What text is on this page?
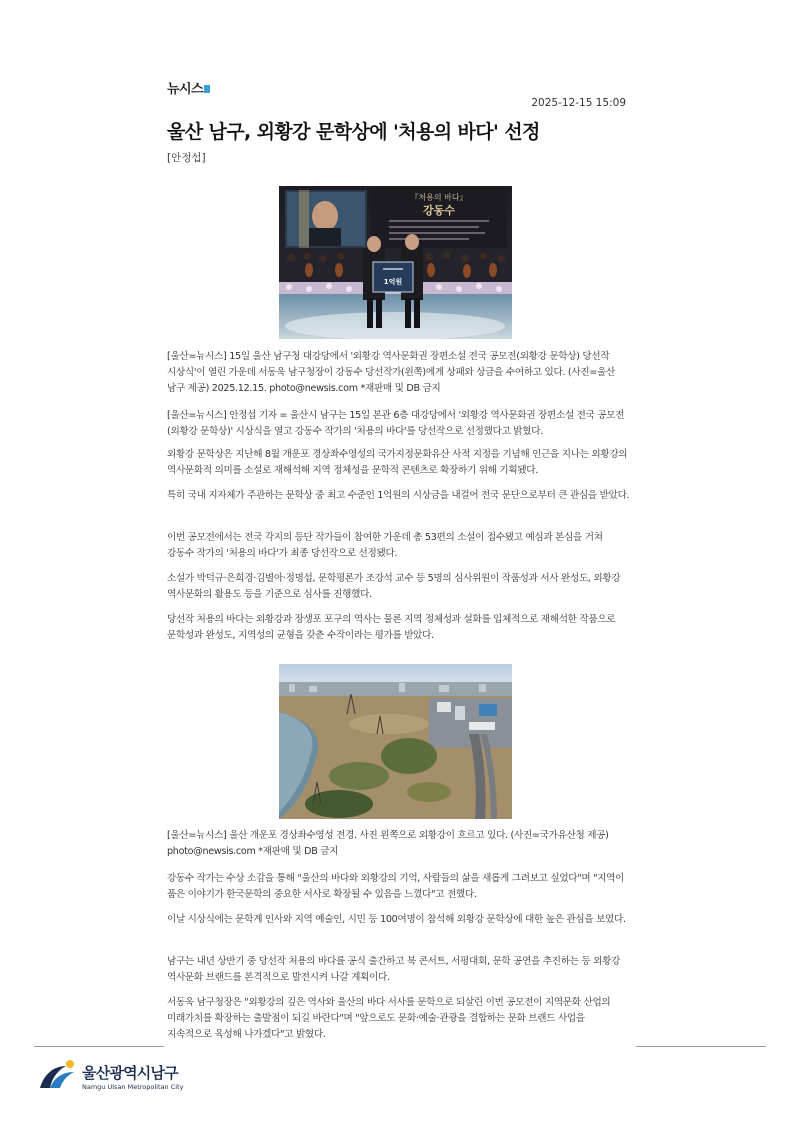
뉴시스
2025-12-15 15:09
울산 남구, 외황강 문학상에 '처용의 바다' 선정
[안정섭]
『처용의 바다』
강동수
1억원

[울산=뉴시스] 15일 울산 남구청 대강당에서 '외황강 역사문화권 장편소설 전국 공모전(외황강 문학상) 당선작 시상식'이 열린 가운데 서동욱 남구청장이 강동수 당선작가(왼쪽)에게 상패와 상금을 수여하고 있다. (사진=울산 남구 제공) 2025.12.15. photo@newsis.com *재판매 및 DB 금지

[울산=뉴시스] 안정섭 기자 = 울산시 남구는 15일 본관 6층 대강당에서 '외황강 역사문화권 장편소설 전국 공모전(외황강 문학상)' 시상식을 열고 강동수 작가의 '처용의 바다'를 당선작으로 선정했다고 밝혔다.

외황강 문학상은 지난해 8월 개운포 경상좌수영성의 국가지정문화유산 사적 지정을 기념해 인근을 지나는 외황강의 역사문화적 의미를 소설로 재해석해 지역 정체성을 문학적 콘텐츠로 확장하기 위해 기획됐다.

특히 국내 지자체가 주관하는 문학상 중 최고 수준인 1억원의 시상금을 내걸어 전국 문단으로부터 큰 관심을 받았다.

이번 공모전에서는 전국 각지의 등단 작가들이 참여한 가운데 총 53편의 소설이 접수됐고 예심과 본심을 거쳐 강동수 작가의 '처용의 바다'가 최종 당선작으로 선정됐다.

소설가 박덕규·은희경·김별아·정명섭, 문학평론가 조강석 교수 등 5명의 심사위원이 작품성과 서사 완성도, 외황강 역사문화의 활용도 등을 기준으로 심사를 진행했다.

당선작 처용의 바다는 외황강과 장생포 포구의 역사는 물론 지역 정체성과 설화를 입체적으로 재해석한 작품으로 문학성과 완성도, 지역성의 균형을 갖춘 수작이라는 평가를 받았다.

[울산=뉴시스] 울산 개운포 경상좌수영성 전경. 사진 왼쪽으로 외황강이 흐르고 있다. (사진=국가유산청 제공) photo@newsis.com *재판매 및 DB 금지

강동수 작가는 수상 소감을 통해 "울산의 바다와 외황강의 기억, 사람들의 삶을 새롭게 그려보고 싶었다"며 "지역이 품은 이야기가 한국문학의 중요한 서사로 확장될 수 있음을 느꼈다"고 전했다.

이날 시상식에는 문학계 인사와 지역 예술인, 시민 등 100여명이 참석해 외황강 문학상에 대한 높은 관심을 보였다.

남구는 내년 상반기 중 당선작 처용의 바다를 공식 출간하고 북 콘서트, 서평대회, 문학 공연을 추진하는 등 외황강 역사문화 브랜드를 본격적으로 발전시켜 나갈 계획이다.

서동욱 남구청장은 "외황강의 깊은 역사와 울산의 바다 서사를 문학으로 되살린 이번 공모전이 지역문화 산업의 미래가치를 확장하는 출발점이 되길 바란다"며 "앞으로도 문화·예술·관광을 결합하는 문화 브랜드 사업을 지속적으로 육성해 나가겠다"고 밝혔다.

울산광역시남구
Namgu Ulsan Metropolitan City
